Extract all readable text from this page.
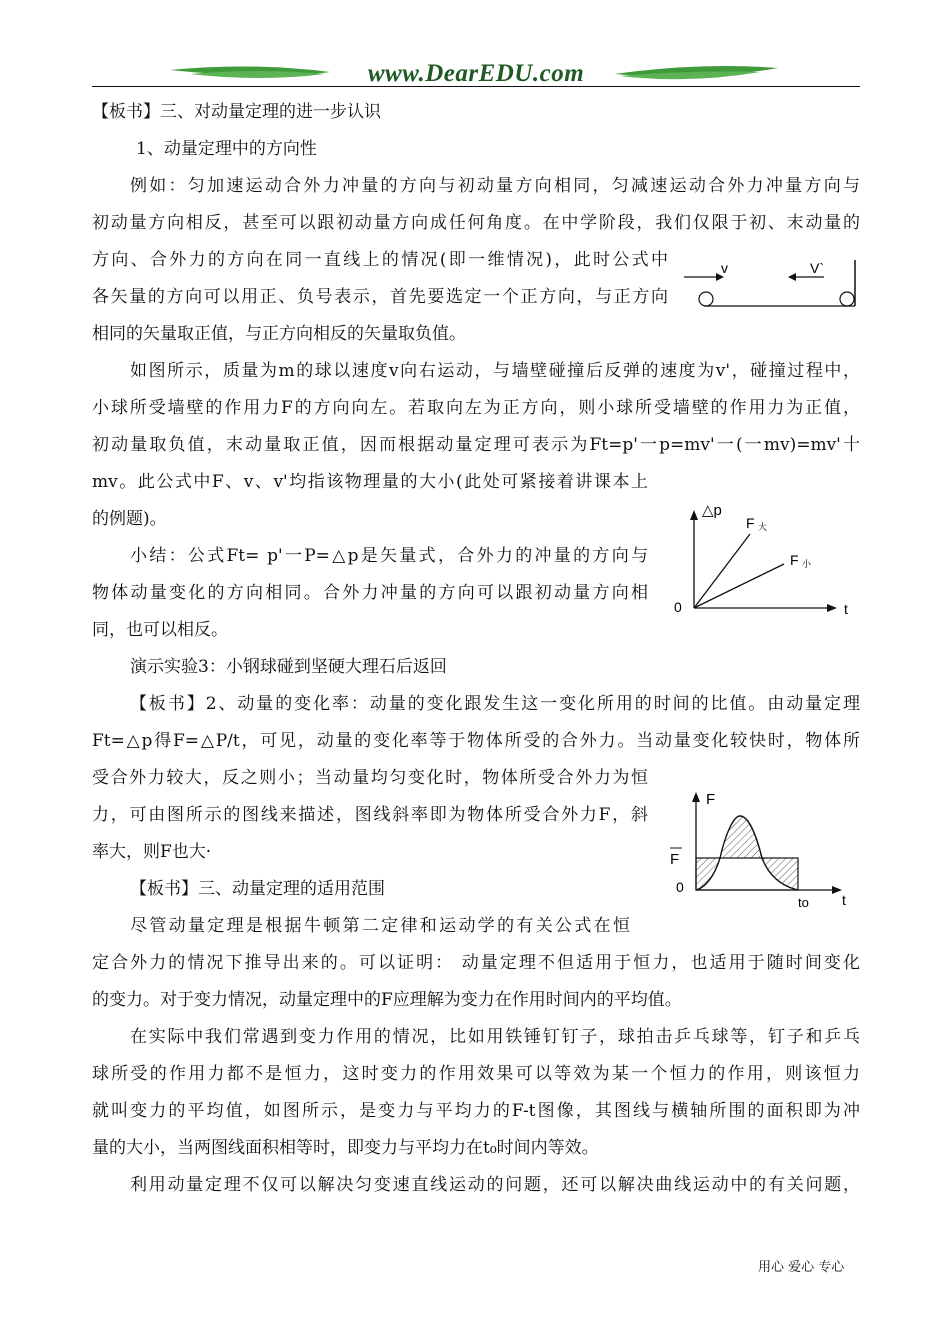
www.DearEDU.com
【板书】三、对动量定理的进一步认识
1、动量定理中的方向性
例如：匀加速运动合外力冲量的方向与初动量方向相同，匀减速运动合外力冲量方向与
初动量方向相反，甚至可以跟初动量方向成任何角度。在中学阶段，我们仅限于初、末动量的
方向、合外力的方向在同一直线上的情况(即一维情况)，此时公式中
各矢量的方向可以用正、负号表示，首先要选定一个正方向，与正方向
相同的矢量取正值，与正方向相反的矢量取负值。
如图所示，质量为m的球以速度v向右运动，与墙壁碰撞后反弹的速度为v'，碰撞过程中，
小球所受墙壁的作用力F的方向向左。若取向左为正方向，则小球所受墙壁的作用力为正值，
初动量取负值，末动量取正值，因而根据动量定理可表示为Ft=p'一p=mv'一(一mv)=mv'十
mv。此公式中F、v、v'均指该物理量的大小(此处可紧接着讲课本上
的例题)。
小结：公式Ft= p'一P=△p是矢量式，合外力的冲量的方向与
物体动量变化的方向相同。合外力冲量的方向可以跟初动量方向相
同，也可以相反。
演示实验3：小钢球碰到坚硬大理石后返回
【板书】2、动量的变化率：动量的变化跟发生这一变化所用的时间的比值。由动量定理
Ft=△p得F=△P/t，可见，动量的变化率等于物体所受的合外力。当动量变化较快时，物体所
受合外力较大，反之则小；当动量均匀变化时，物体所受合外力为恒
力，可由图所示的图线来描述，图线斜率即为物体所受合外力F，斜
率大，则F也大·
【板书】三、动量定理的适用范围
尽管动量定理是根据牛顿第二定律和运动学的有关公式在恒
定合外力的情况下推导出来的。可以证明： 动量定理不但适用于恒力，也适用于随时间变化
的变力。对于变力情况，动量定理中的F应理解为变力在作用时间内的平均值。
在实际中我们常遇到变力作用的情况，比如用铁锤钉钉子，球拍击乒乓球等，钉子和乒乓
球所受的作用力都不是恒力，这时变力的作用效果可以等效为某一个恒力的作用，则该恒力
就叫变力的平均值，如图所示，是变力与平均力的F-t图像，其图线与横轴所围的面积即为冲
量的大小，当两图线面积相等时，即变力与平均力在t₀时间内等效。
利用动量定理不仅可以解决匀变速直线运动的问题，还可以解决曲线运动中的有关问题，
v	V`
△p
F 大
F 小
0	t
F
F
0
to t
用心 爱心 专心
